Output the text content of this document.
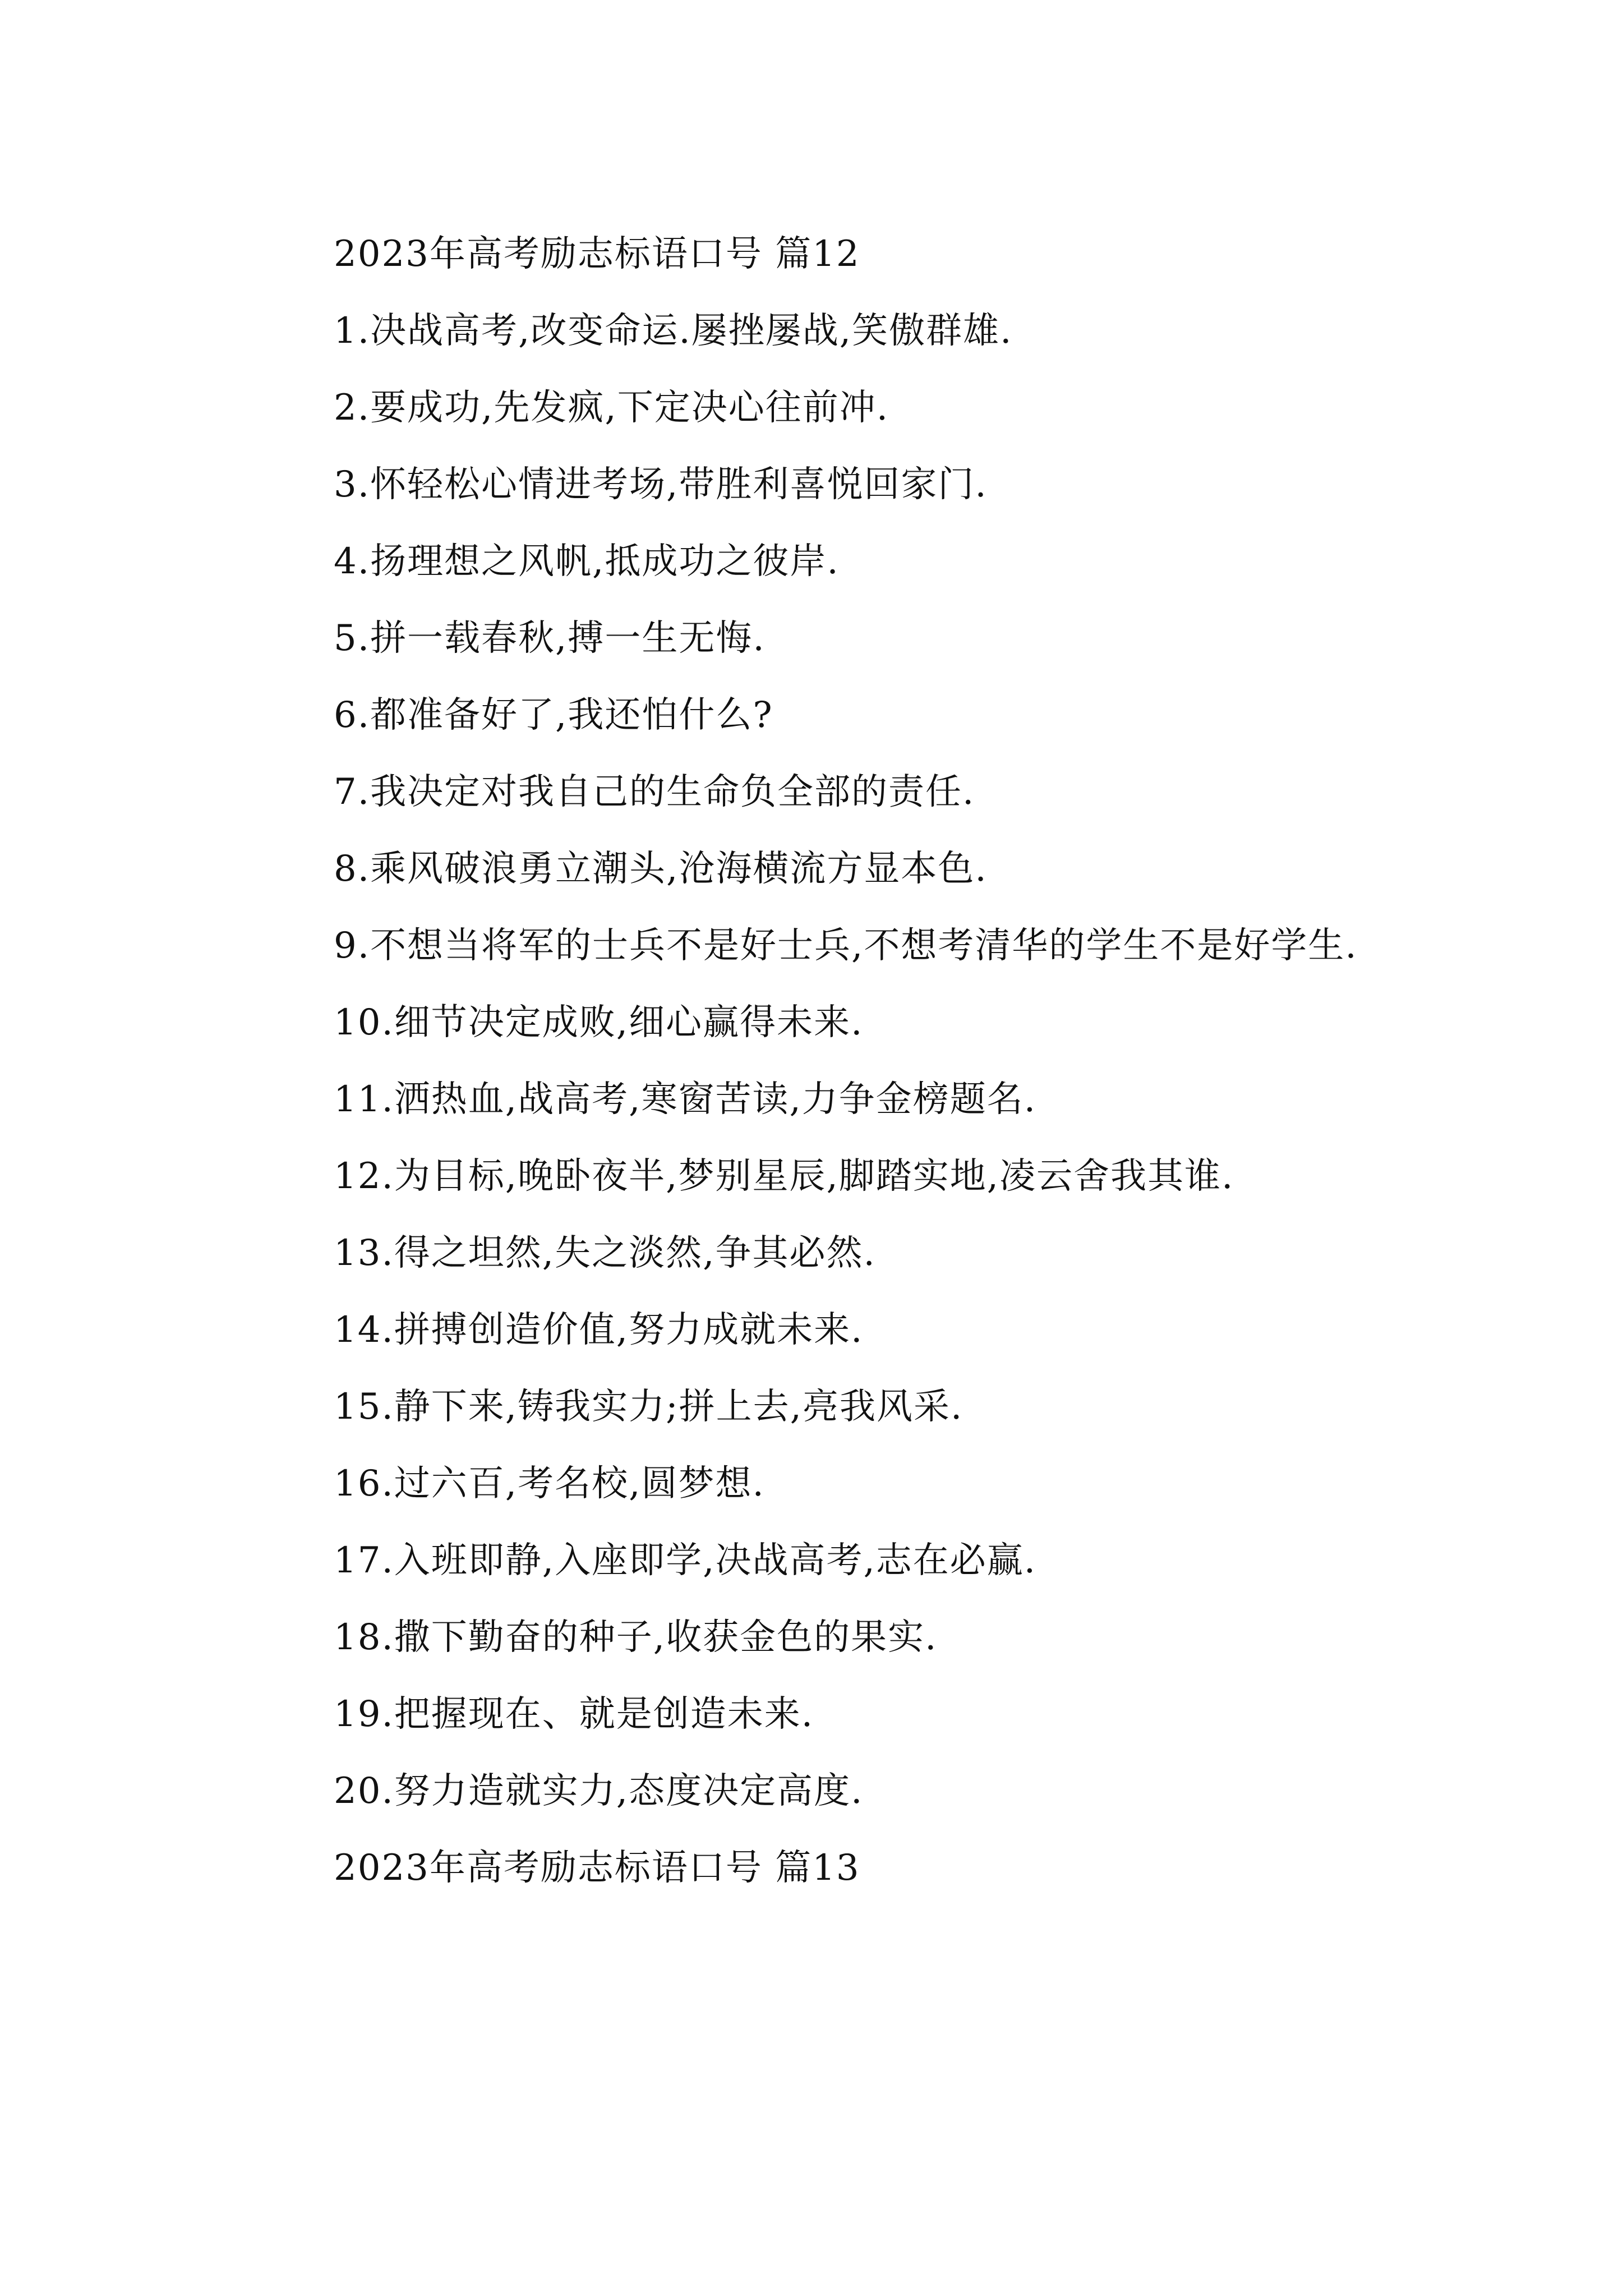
2023年高考励志标语口号 篇12

1.决战高考,改变命运.屡挫屡战,笑傲群雄.

2.要成功,先发疯,下定决心往前冲.

3.怀轻松心情进考场,带胜利喜悦回家门.

4.扬理想之风帆,抵成功之彼岸.

5.拼一载春秋,搏一生无悔.

6.都准备好了,我还怕什么?

7.我决定对我自己的生命负全部的责任.

8.乘风破浪勇立潮头,沧海横流方显本色.

9.不想当将军的士兵不是好士兵,不想考清华的学生不是好学生.

10.细节决定成败,细心赢得未来.

11.洒热血,战高考,寒窗苦读,力争金榜题名.

12.为目标,晚卧夜半,梦别星辰,脚踏实地,凌云舍我其谁.

13.得之坦然,失之淡然,争其必然.

14.拼搏创造价值,努力成就未来.

15.静下来,铸我实力;拼上去,亮我风采.

16.过六百,考名校,圆梦想.

17.入班即静,入座即学,决战高考,志在必赢.

18.撒下勤奋的种子,收获金色的果实.

19.把握现在、就是创造未来.

20.努力造就实力,态度决定高度.

2023年高考励志标语口号 篇13
